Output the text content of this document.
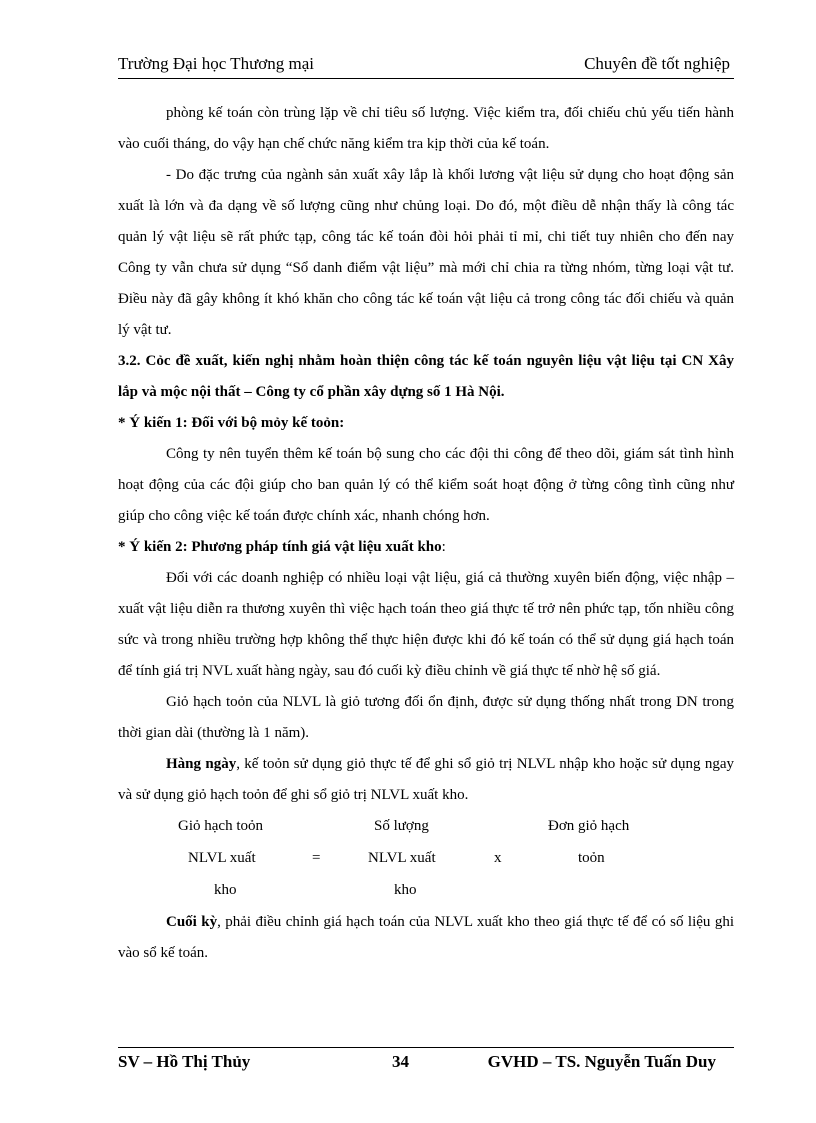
Trường Đại học Thương mại	Chuyên đề tốt nghiệp

phòng kế toán còn trùng lặp về chỉ tiêu số lượng. Việc kiểm tra, đối chiếu chủ yếu tiến hành vào cuối tháng, do vậy hạn chế chức năng kiểm tra kịp thời của kế toán.

- Do đặc trưng của ngành sản xuất xây lắp là khối lương vật liệu sử dụng cho hoạt động sản xuất là lớn và đa dạng về số lượng cũng như chủng loại. Do đó, một điều dễ nhận thấy là công tác quản lý vật liệu sẽ rất phức tạp, công tác kế toán đòi hỏi phải tỉ mỉ, chi tiết tuy nhiên cho đến nay Công ty vẫn chưa sử dụng “Sổ danh điểm vật liệu” mà mới chỉ chia ra từng nhóm, từng loại vật tư. Điều này đã gây không ít khó khăn cho công tác kế toán vật liệu cả trong công tác đối chiếu và quản lý vật tư.

3.2. Cỏc đề xuất, kiến nghị nhằm hoàn thiện công tác kế toán nguyên liệu vật liệu tại CN Xây lắp và mộc nội thất – Công ty cổ phần xây dựng số 1 Hà Nội.

* Ý kiến 1: Đối với bộ mỏy kế toỏn:

Công ty nên tuyển thêm kế toán bộ sung cho các đội thi công để theo dõi, giám sát tình hình hoạt động của các đội giúp cho ban quản lý có thể kiểm soát hoạt động ở từng công tình cũng như giúp cho công việc kế toán được chính xác, nhanh chóng hơn.

* Ý kiến 2: Phương pháp tính giá vật liệu xuất kho:

Đối với các doanh nghiệp có nhiều loại vật liệu, giá cả thường xuyên biến động, việc nhập – xuất vật liệu diễn ra thương xuyên thì việc hạch toán theo giá thực tế trở nên phức tạp, tốn nhiều công sức và trong nhiều trường hợp không thể thực hiện được khi đó kế toán có thể sử dụng giá hạch toán để tính giá trị NVL xuất hàng ngày, sau đó cuối kỳ điều chỉnh về giá thực tế nhờ hệ số giá.

Giỏ hạch toỏn của NLVL là giỏ tương đối ổn định, được sử dụng thống nhất trong DN trong thời gian dài (thường là 1 năm).

Hàng ngày, kế toỏn sử dụng giỏ thực tế để ghi sổ giỏ trị NLVL nhập kho hoặc sử dụng ngay và sử dụng giỏ hạch toỏn để ghi sổ giỏ trị NLVL xuất kho.

Giỏ hạch toỏn
NLVL xuất
kho
=
Số lượng
NLVL xuất
kho
x
Đơn giỏ hạch
toỏn

Cuối kỳ, phải điều chỉnh giá hạch toán của NLVL xuất kho theo giá thực tế để có số liệu ghi vào sổ kế toán.

SV – Hồ Thị Thủy	34	GVHD – TS. Nguyễn Tuấn Duy
